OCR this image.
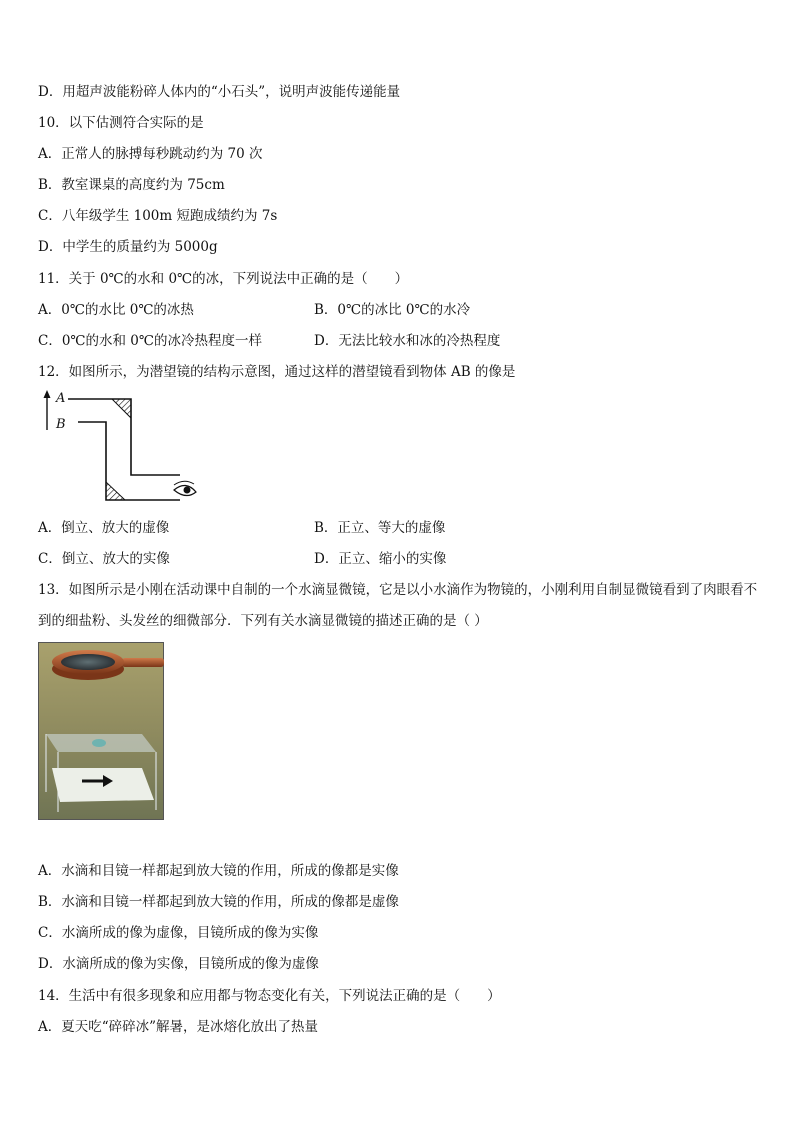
D．用超声波能粉碎人体内的“小石头”，说明声波能传递能量
10．以下估测符合实际的是
A．正常人的脉搏每秒跳动约为 70 次
B．教室课桌的高度约为 75cm
C．八年级学生 100m 短跑成绩约为 7s
D．中学生的质量约为 5000g
11．关于 0℃的水和 0℃的冰，下列说法中正确的是（　　）
A．0℃的水比 0℃的冰热	B．0℃的冰比 0℃的水冷
C．0℃的水和 0℃的冰冷热程度一样	D．无法比较水和冰的冷热程度
12．如图所示，为潜望镜的结构示意图，通过这样的潜望镜看到物体 AB 的像是
A
B
A．倒立、放大的虚像	B．正立、等大的虚像
C．倒立、放大的实像	D．正立、缩小的实像
13．如图所示是小刚在活动课中自制的一个水滴显微镜，它是以小水滴作为物镜的，小刚利用自制显微镜看到了肉眼看不到的细盐粉、头发丝的细微部分．下列有关水滴显微镜的描述正确的是（ ）
A．水滴和目镜一样都起到放大镜的作用，所成的像都是实像
B．水滴和目镜一样都起到放大镜的作用，所成的像都是虚像
C．水滴所成的像为虚像，目镜所成的像为实像
D．水滴所成的像为实像，目镜所成的像为虚像
14．生活中有很多现象和应用都与物态变化有关，下列说法正确的是（　　）
A．夏天吃“碎碎冰”解暑，是冰熔化放出了热量
